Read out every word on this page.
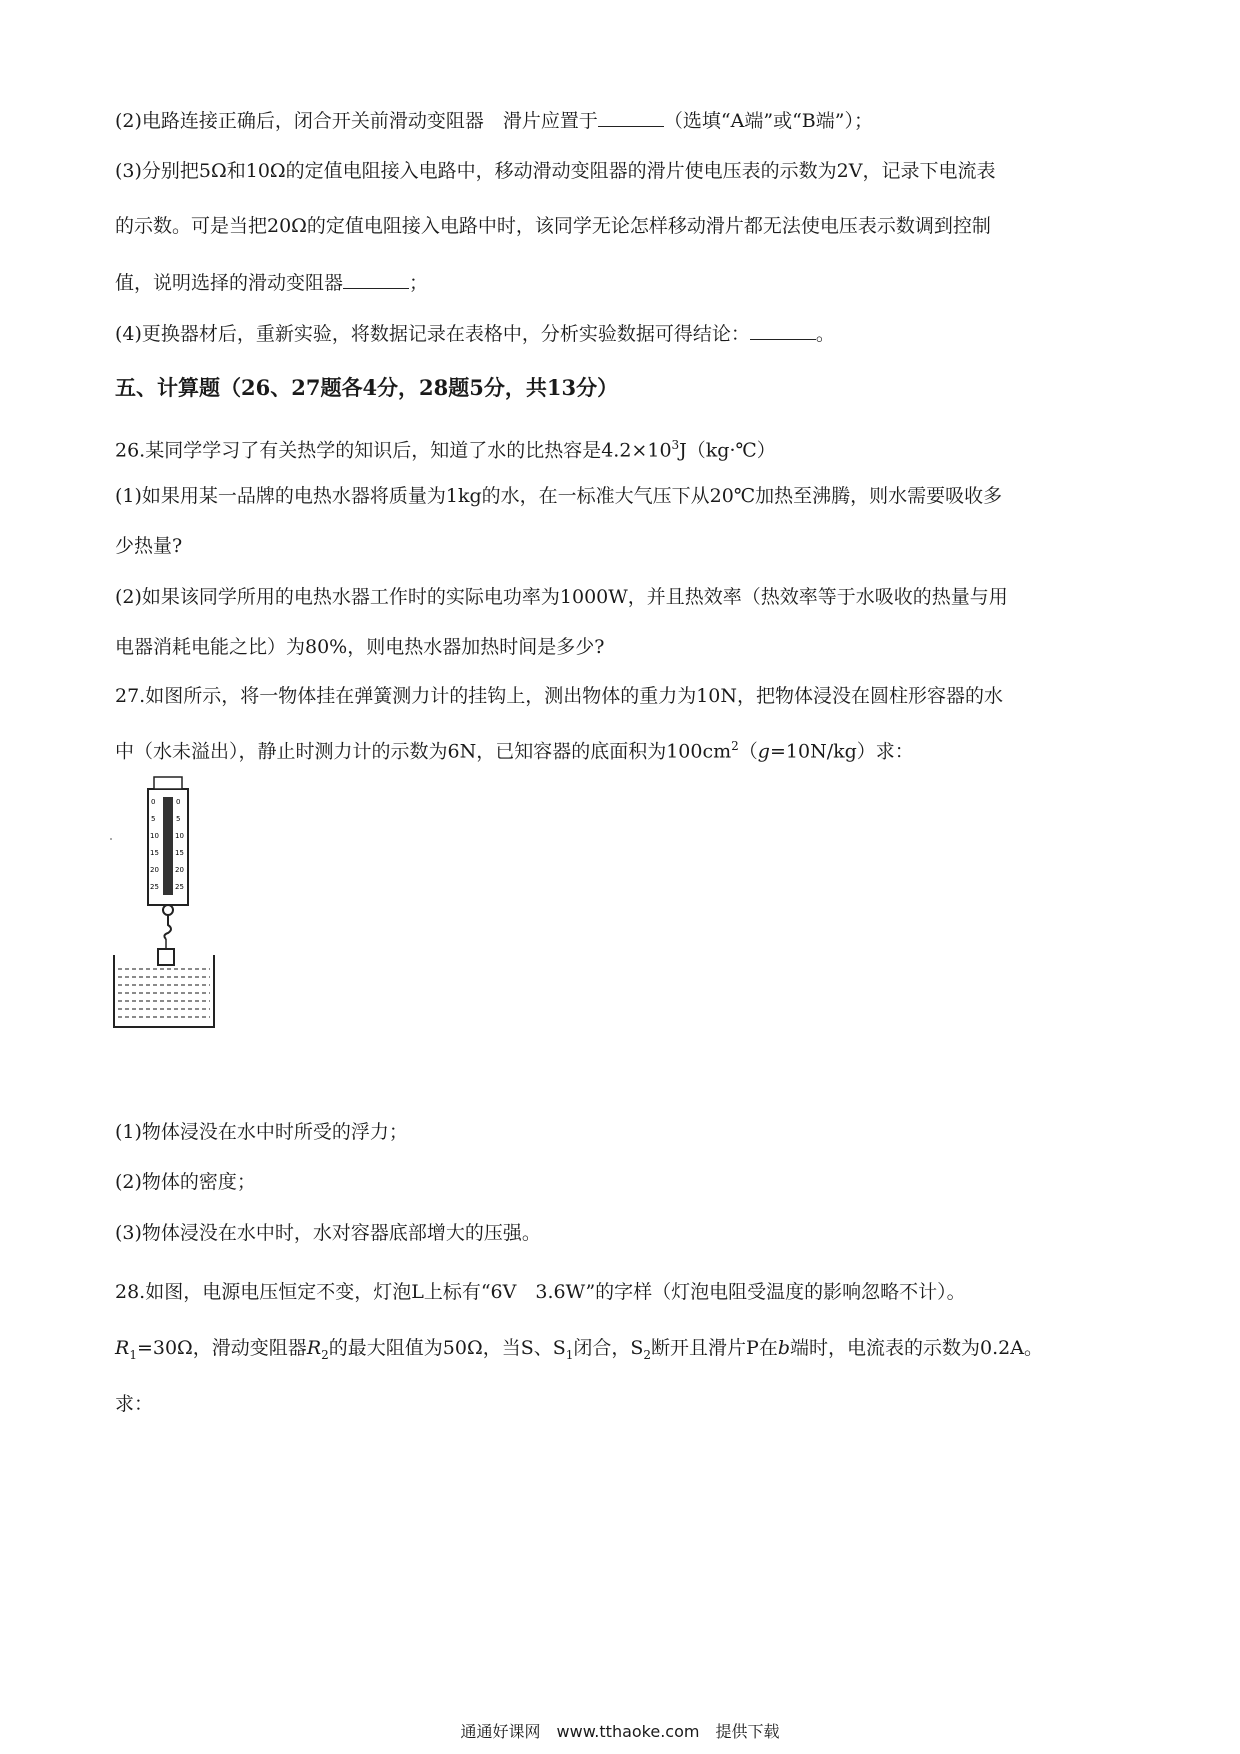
(2)电路连接正确后，闭合开关前滑动变阻器　滑片应置于	（选填“A端”或“B端”）；
(3)分别把5Ω和10Ω的定值电阻接入电路中，移动滑动变阻器的滑片使电压表的示数为2V，记录下电流表
的示数。可是当把20Ω的定值电阻接入电路中时，该同学无论怎样移动滑片都无法使电压表示数调到控制
值，说明选择的滑动变阻器	；
(4)更换器材后，重新实验，将数据记录在表格中，分析实验数据可得结论：	。
五、计算题（26、27题各4分，28题5分，共13分）
26.某同学学习了有关热学的知识后，知道了水的比热容是$4.2\times 10^3J(kg\cdot℃)$
(1)如果用某一品牌的电热水器将质量为1kg的水，在一标准大气压下从20℃加热至沸腾，则水需要吸收多
少热量?
(2)如果该同学所用的电热水器工作时的实际电功率为1000W，并且热效率（热效率等于水吸收的热量与用
电器消耗电能之比）为80%，则电热水器加热时间是多少?
27.如图所示，将一物体挂在弹簧测力计的挂钩上，测出物体的重力为10N，把物体浸没在圆柱形容器的水
中（水未溢出），静止时测力计的示数为6N，已知容器的底面积为$100cm^2(g=10N/kg)$求：
0
5
10
15
20
25
0
5
10
15
20
25
(1)物体浸没在水中时所受的浮力；
(2)物体的密度；
(3)物体浸没在水中时，水对容器底部增大的压强。
28.如图，电源电压恒定不变，灯泡L上标有“6V　3.6W”的字样（灯泡电阻受温度的影响忽略不计）。
$R_1=30\Omega$，滑动变阻器$R_2$的最大阻值为50Ω，当S、$S_1$闭合，$S_2$断开且滑片P在b端时，电流表的示数为0.2A。
求：
通通好课网　www.tthaoke.com　提供下载
